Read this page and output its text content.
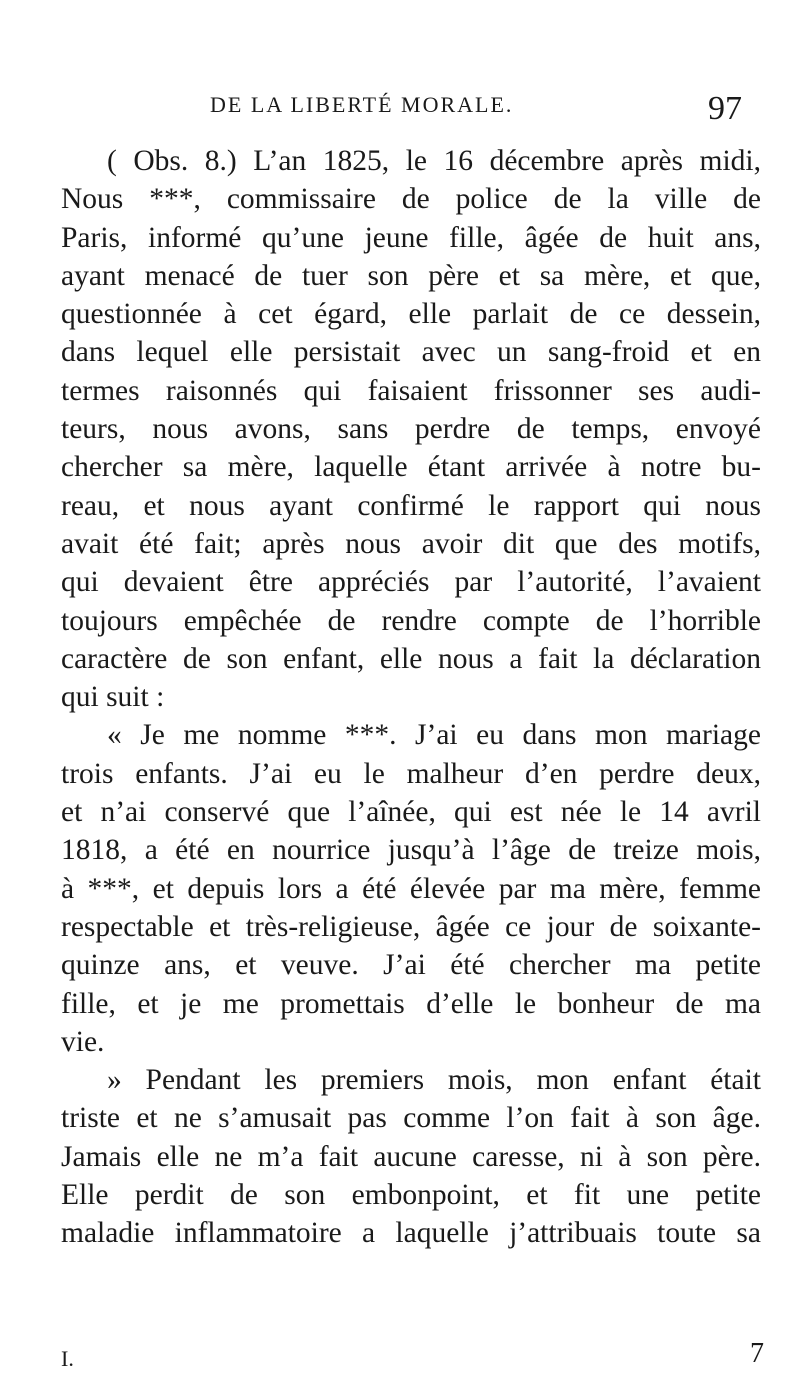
DE LA LIBERTÉ MORALE.	97
( Obs. 8.) L’an 1825, le 16 décembre après midi,
Nous ***, commissaire de police de la ville de
Paris, informé qu’une jeune fille, âgée de huit ans,
ayant menacé de tuer son père et sa mère, et que,
questionnée à cet égard, elle parlait de ce dessein,
dans lequel elle persistait avec un sang-froid et en
termes raisonnés qui faisaient frissonner ses audi-
teurs, nous avons, sans perdre de temps, envoyé
chercher sa mère, laquelle étant arrivée à notre bu-
reau, et nous ayant confirmé le rapport qui nous
avait été fait; après nous avoir dit que des motifs,
qui devaient être appréciés par l’autorité, l’avaient
toujours empêchée de rendre compte de l’horrible
caractère de son enfant, elle nous a fait la déclaration
qui suit :
« Je me nomme ***. J’ai eu dans mon mariage
trois enfants. J’ai eu le malheur d’en perdre deux,
et n’ai conservé que l’aînée, qui est née le 14 avril
1818, a été en nourrice jusqu’à l’âge de treize mois,
à ***, et depuis lors a été élevée par ma mère, femme
respectable et très-religieuse, âgée ce jour de soixante-
quinze ans, et veuve. J’ai été chercher ma petite
fille, et je me promettais d’elle le bonheur de ma
vie.
» Pendant les premiers mois, mon enfant était
triste et ne s’amusait pas comme l’on fait à son âge.
Jamais elle ne m’a fait aucune caresse, ni à son père.
Elle perdit de son embonpoint, et fit une petite
maladie inflammatoire a laquelle j’attribuais toute sa
I.	7
